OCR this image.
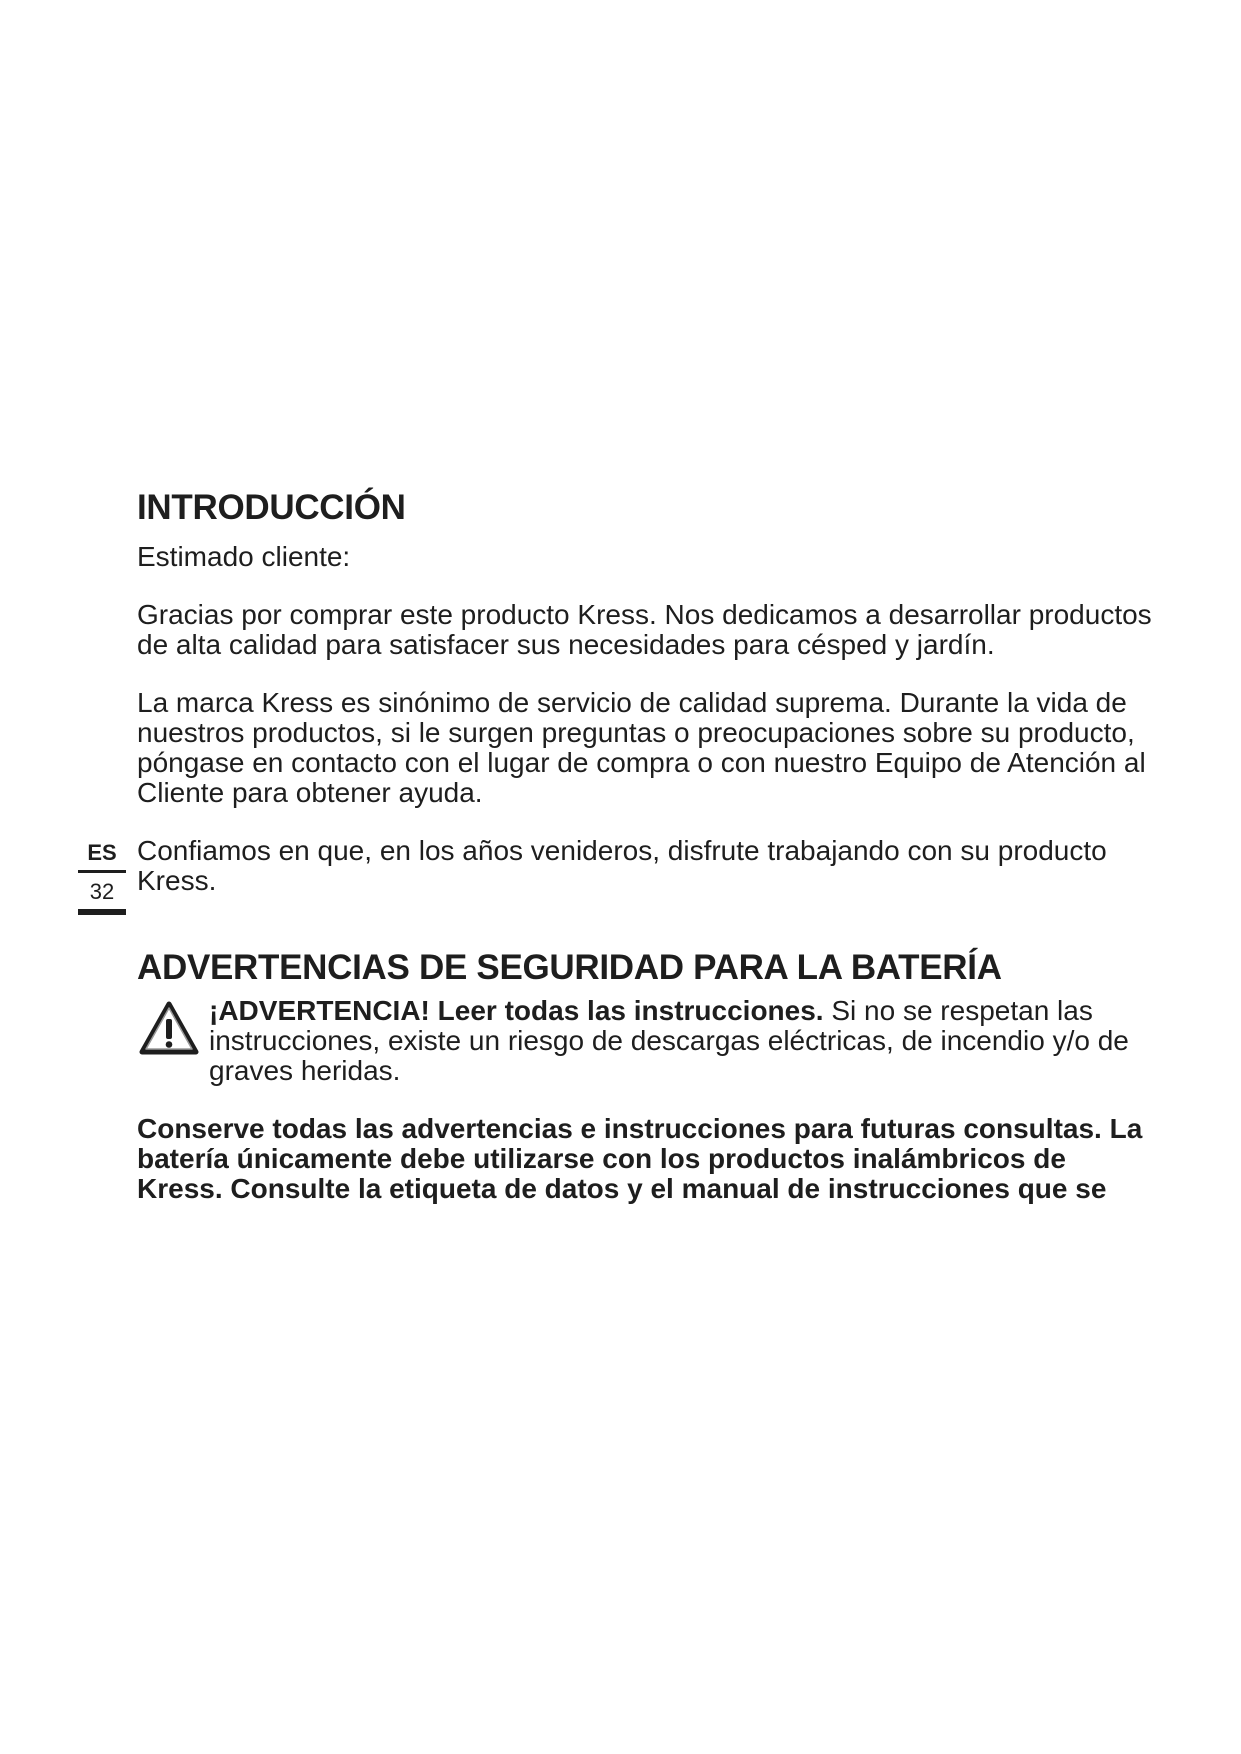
ES
32
INTRODUCCIÓN

Estimado cliente:

Gracias por comprar este producto Kress. Nos dedicamos a desarrollar productos de alta calidad para satisfacer sus necesidades para césped y jardín.

La marca Kress es sinónimo de servicio de calidad suprema. Durante la vida de nuestros productos, si le surgen preguntas o preocupaciones sobre su producto, póngase en contacto con el lugar de compra o con nuestro Equipo de Atención al Cliente para obtener ayuda.

Confiamos en que, en los años venideros, disfrute trabajando con su producto Kress.

ADVERTENCIAS DE SEGURIDAD PARA LA BATERÍA

¡ADVERTENCIA! Leer todas las instrucciones. Si no se respetan las instrucciones, existe un riesgo de descargas eléctricas, de incendio y/o de graves heridas.

Conserve todas las advertencias e instrucciones para futuras consultas. La batería únicamente debe utilizarse con los productos inalámbricos de Kress. Consulte la etiqueta de datos y el manual de instrucciones que se
